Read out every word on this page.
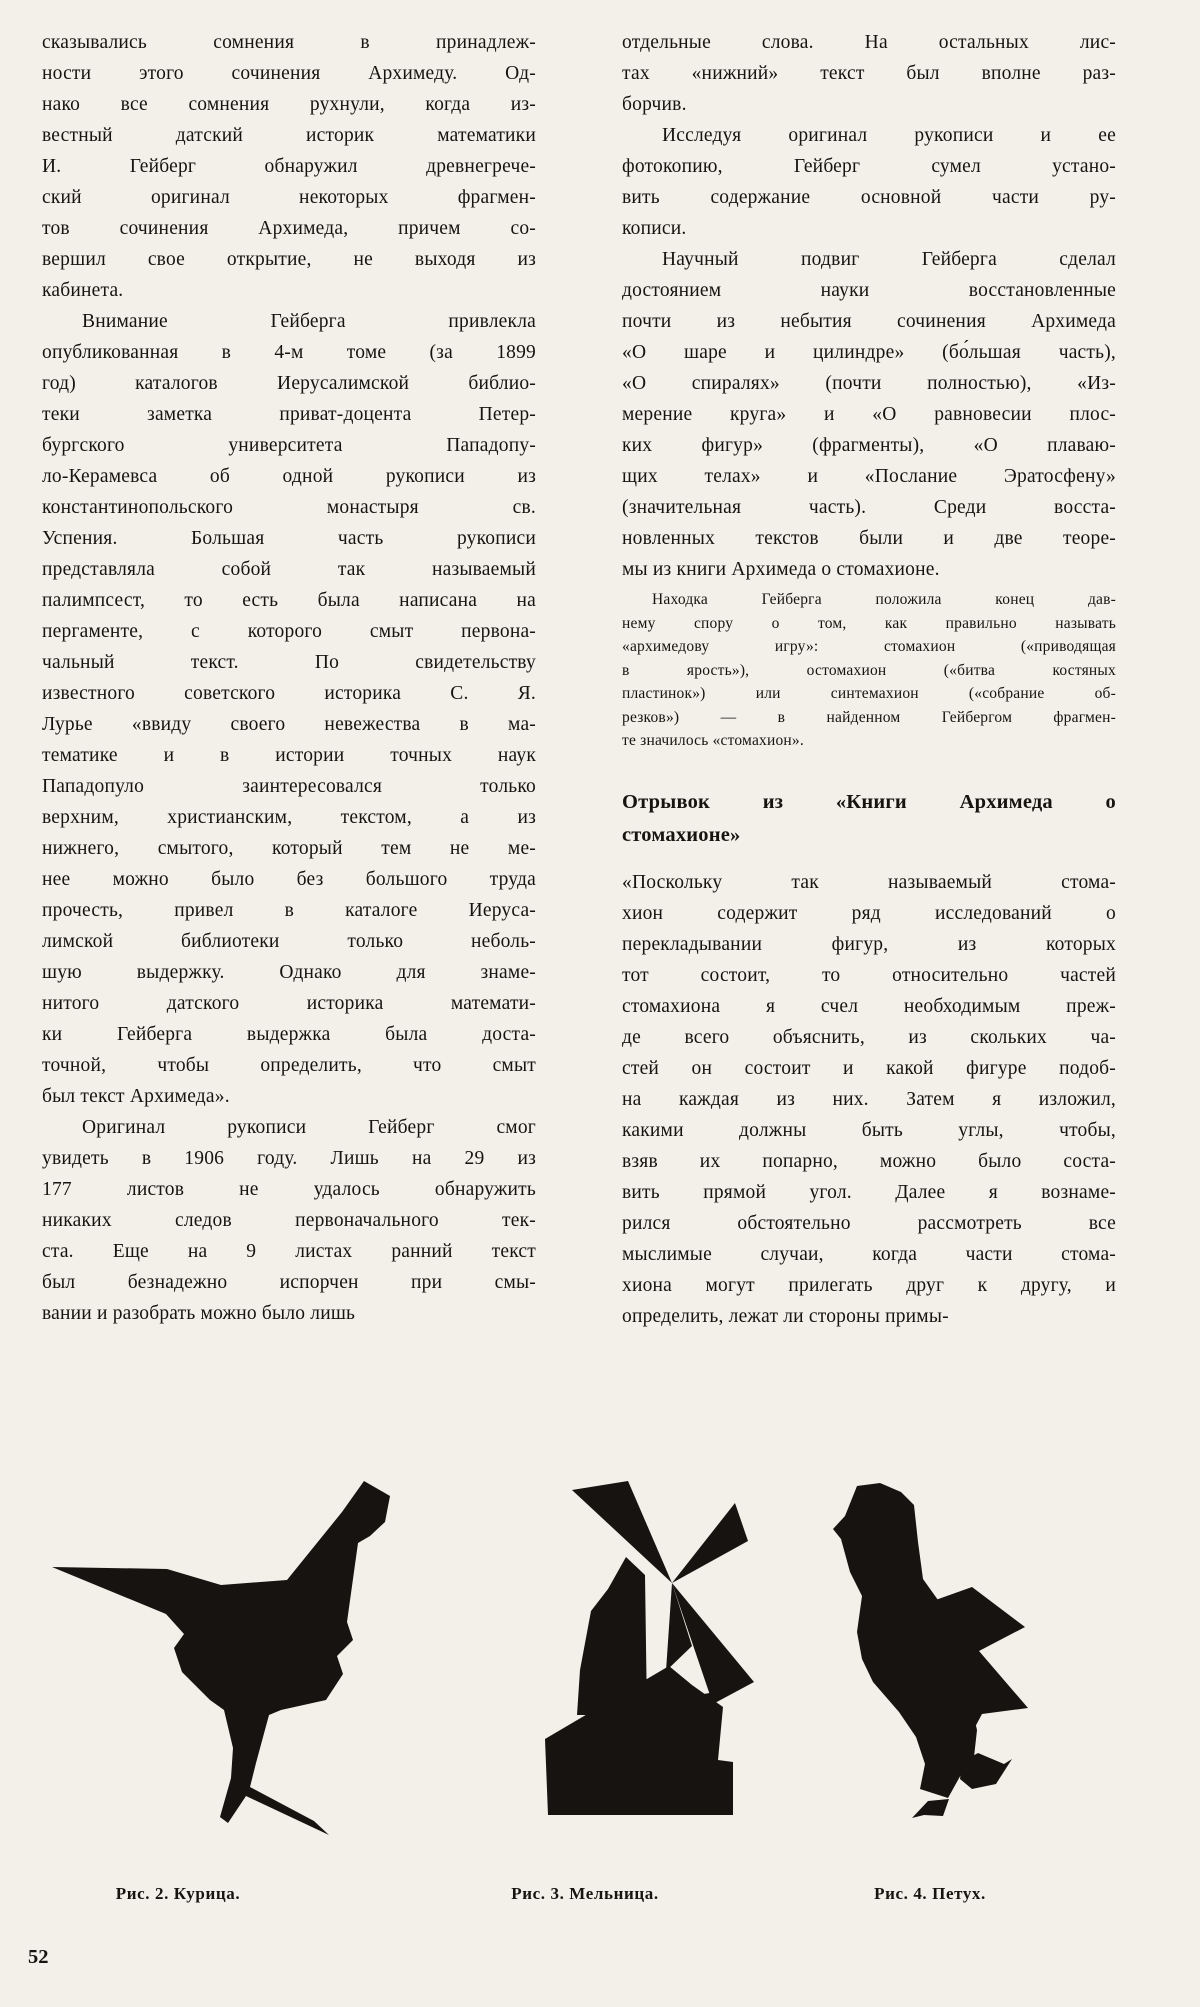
сказывались сомнения в принадлеж-
ности этого сочинения Архимеду. Од-
нако все сомнения рухнули, когда из-
вестный датский историк математики
И. Гейберг обнаружил древнегрече-
ский оригинал некоторых фрагмен-
тов сочинения Архимеда, причем со-
вершил свое открытие, не выходя из
кабинета.
Внимание Гейберга привлекла
опубликованная в 4-м томе (за 1899
год) каталогов Иерусалимской библио-
теки заметка приват-доцента Петер-
бургского университета Пападопу-
ло-Керамевса об одной рукописи из
константинопольского монастыря св.
Успения. Большая часть рукописи
представляла собой так называемый
палимпсест, то есть была написана на
пергаменте, с которого смыт первона-
чальный текст. По свидетельству
известного советского историка С. Я.
Лурье «ввиду своего невежества в ма-
тематике и в истории точных наук
Пападопуло заинтересовался только
верхним, христианским, текстом, а из
нижнего, смытого, который тем не ме-
нее можно было без большого труда
прочесть, привел в каталоге Иеруса-
лимской библиотеки только неболь-
шую выдержку. Однако для знаме-
нитого датского историка математи-
ки Гейберга выдержка была доста-
точной, чтобы определить, что смыт
был текст Архимеда».
Оригинал рукописи Гейберг смог
увидеть в 1906 году. Лишь на 29 из
177 листов не удалось обнаружить
никаких следов первоначального тек-
ста. Еще на 9 листах ранний текст
был безнадежно испорчен при смы-
вании и разобрать можно было лишь
отдельные слова. На остальных лис-
тах «нижний» текст был вполне раз-
борчив.
Исследуя оригинал рукописи и ее
фотокопию, Гейберг сумел устано-
вить содержание основной части ру-
кописи.
Научный подвиг Гейберга сделал
достоянием науки восстановленные
почти из небытия сочинения Архимеда
«О шаре и цилиндре» (бо́льшая часть),
«О спиралях» (почти полностью), «Из-
мерение круга» и «О равновесии плос-
ких фигур» (фрагменты), «О плаваю-
щих телах» и «Послание Эратосфену»
(значительная часть). Среди восста-
новленных текстов были и две теоре-
мы из книги Архимеда о стомахионе.
Находка Гейберга положила конец дав-
нему спору о том, как правильно называть
«архимедову игру»: стомахион («приводящая
в ярость»), остомахион («битва костяных
пластинок») или синтемахион («собрание об-
резков») — в найденном Гейбергом фрагмен-
те значилось «стомахион».
Отрывок из «Книги Архимеда о
стомахионе»
«Поскольку так называемый стома-
хион содержит ряд исследований о
перекладывании фигур, из которых
тот состоит, то относительно частей
стомахиона я счел необходимым преж-
де всего объяснить, из скольких ча-
стей он состоит и какой фигуре подоб-
на каждая из них. Затем я изложил,
какими должны быть углы, чтобы,
взяв их попарно, можно было соста-
вить прямой угол. Далее я вознаме-
рился обстоятельно рассмотреть все
мыслимые случаи, когда части стома-
хиона могут прилегать друг к другу, и
определить, лежат ли стороны примы-
Рис. 2. Курица.	Рис. 3. Мельница.	Рис. 4. Петух.
52
